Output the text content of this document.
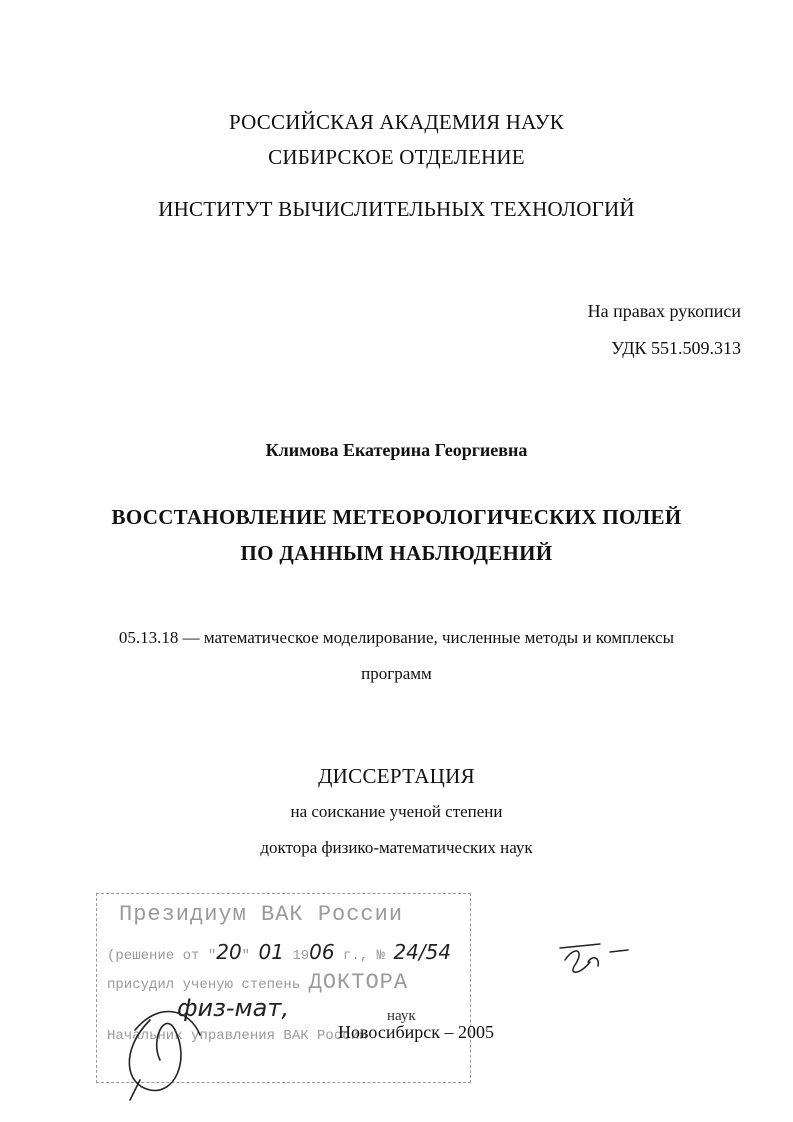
РОССИЙСКАЯ АКАДЕМИЯ НАУК
СИБИРСКОЕ ОТДЕЛЕНИЕ
ИНСТИТУТ ВЫЧИСЛИТЕЛЬНЫХ ТЕХНОЛОГИЙ
На правах рукописи
УДК 551.509.313
Климова Екатерина Георгиевна
ВОССТАНОВЛЕНИЕ МЕТЕОРОЛОГИЧЕСКИХ ПОЛЕЙ
ПО ДАННЫМ НАБЛЮДЕНИЙ
05.13.18 — математическое моделирование, численные методы и комплексы
программ
ДИССЕРТАЦИЯ
на соискание ученой степени
доктора физико-математических наук
Президиум ВАК России
(решение от "20" 01 1906 г., № 24/54
присудил ученую степень ДОКТОРА
физ-мат,	наук
Начальник управления ВАК России
Новосибирск – 2005
